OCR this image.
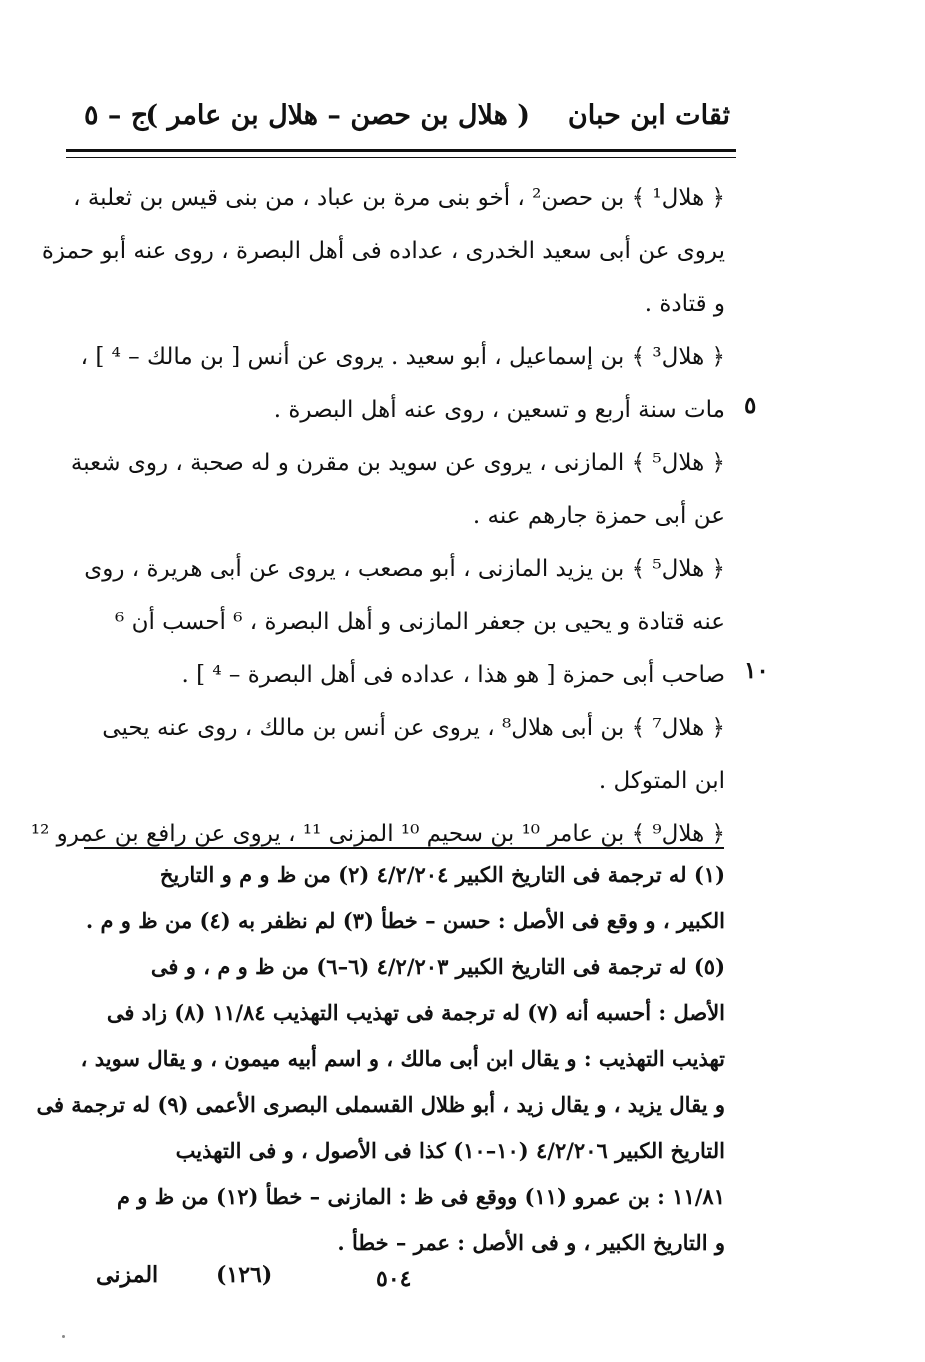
ثقات ابن حبان
( هلال بن حصن – هلال بن عامر )
ج – ٥
﴿ هلال¹ ﴾ بن حصن² ، أخو بنى مرة بن عباد ، من بنى قيس بن ثعلبة ،
يروى عن أبى سعيد الخدرى ، عداده فى أهل البصرة ، روى عنه أبو حمزة
و قتادة .
﴿ هلال³ ﴾ بن إسماعيل ، أبو سعيد . يروى عن أنس [ بن مالك – ⁴ ] ،
مات سنة أربع و تسعين ، روى عنه أهل البصرة .
﴿ هلال⁵ ﴾ المازنى ، يروى عن سويد بن مقرن و له صحبة ، روى شعبة
عن أبى حمزة جارهم عنه .
﴿ هلال⁵ ﴾ بن يزيد المازنى ، أبو مصعب ، يروى عن أبى هريرة ، روى
عنه قتادة و يحيى بن جعفر المازنى و أهل البصرة ، ⁶ أحسب أن ⁶
صاحب أبى حمزة [ هو هذا ، عداده فى أهل البصرة – ⁴ ] .
﴿ هلال⁷ ﴾ بن أبى هلال⁸ ، يروى عن أنس بن مالك ، روى عنه يحيى
ابن المتوكل .
﴿ هلال⁹ ﴾ بن عامر ¹⁰ بن سحيم ¹⁰ المزنى ¹¹ ، يروى عن رافع بن عمرو ¹²
٥
١٠
(١) له ترجمة فى التاريخ الكبير ٤/٢/٢٠٤ (٢) من ظ و م و التاريخ
الكبير ، و وقع فى الأصل : حسن – خطأ (٣) لم نظفر به (٤) من ظ و م .
(٥) له ترجمة فى التاريخ الكبير ٤/٢/٢٠٣ (٦–٦) من ظ و م ، و فى
الأصل : أحسبه أنه (٧) له ترجمة فى تهذيب التهذيب ١١/٨٤ (٨) زاد فى
تهذيب التهذيب : و يقال ابن أبى مالك ، و اسم أبيه ميمون ، و يقال سويد ،
و يقال يزيد ، و يقال زيد ، أبو ظلال القسملى البصرى الأعمى (٩) له ترجمة فى
التاريخ الكبير ٤/٢/٢٠٦ (١٠–١٠) كذا فى الأصول ، و فى التهذيب
١١/٨١ : بن عمرو (١١) ووقع فى ظ : المازنى – خطأ (١٢) من ظ و م
و التاريخ الكبير ، و فى الأصل : عمر – خطأ .
المزنى	(١٢٦)	٥٠٤
